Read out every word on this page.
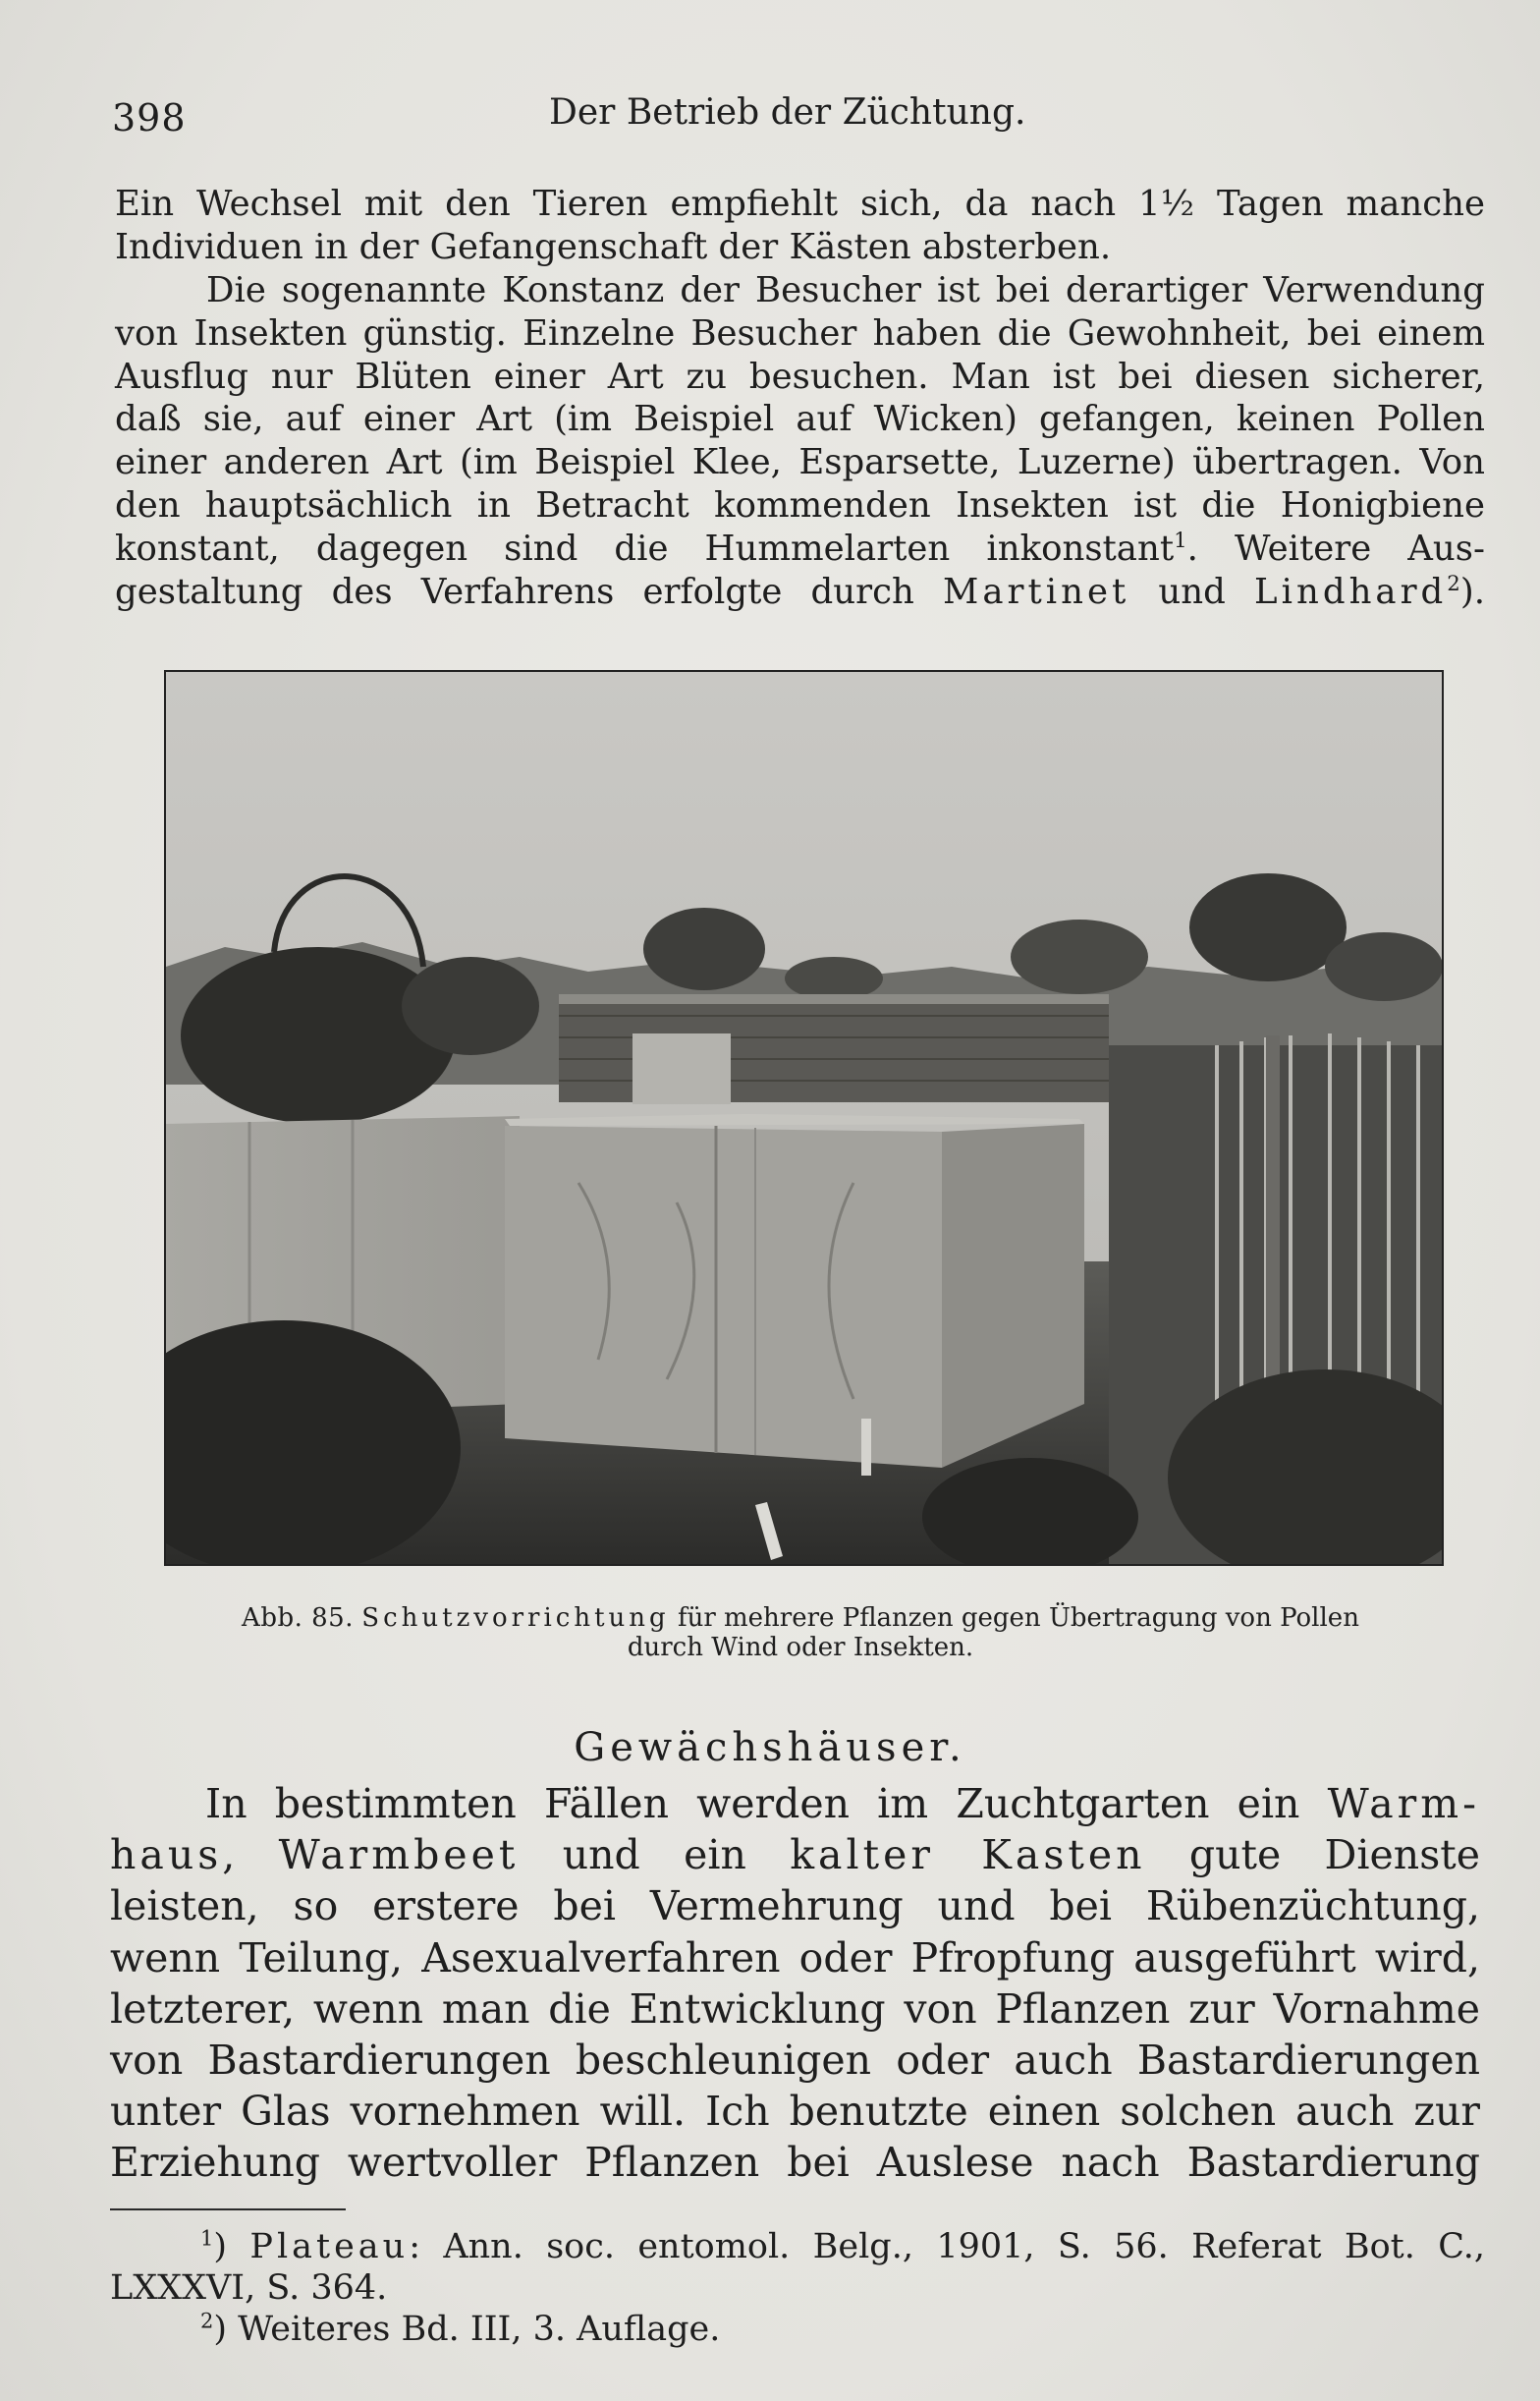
398	Der Betrieb der Züchtung.

Ein Wechsel mit den Tieren empfiehlt sich, da nach 1½ Tagen manche
Individuen in der Gefangenschaft der Kästen absterben.

Die sogenannte Konstanz der Besucher ist bei derartiger Verwendung
von Insekten günstig. Einzelne Besucher haben die Gewohnheit, bei einem
Ausflug nur Blüten einer Art zu besuchen. Man ist bei diesen sicherer,
daß sie, auf einer Art (im Beispiel auf Wicken) gefangen, keinen Pollen
einer anderen Art (im Beispiel Klee, Esparsette, Luzerne) übertragen. Von
den hauptsächlich in Betracht kommenden Insekten ist die Honigbiene
konstant, dagegen sind die Hummelarten inkonstant$^1$. Weitere Aus-
gestaltung des Verfahrens erfolgte durch Martinet und Lindhard$^2$).

Abb. 85. Schutzvorrichtung für mehrere Pflanzen gegen Übertragung von Pollen
durch Wind oder Insekten.
Gewächshäuser.

In bestimmten Fällen werden im Zuchtgarten ein Warm-
haus, Warmbeet und ein kalter Kasten gute Dienste
leisten, so erstere bei Vermehrung und bei Rübenzüchtung,
wenn Teilung, Asexualverfahren oder Pfropfung ausgeführt wird,
letzterer, wenn man die Entwicklung von Pflanzen zur Vornahme
von Bastardierungen beschleunigen oder auch Bastardierungen
unter Glas vornehmen will. Ich benutzte einen solchen auch zur
Erziehung wertvoller Pflanzen bei Auslese nach Bastardierung

$^1$) Plateau: Ann. soc. entomol. Belg., 1901, S. 56. Referat Bot. C.,
LXXXVI, S. 364.
$^2$) Weiteres Bd. III, 3. Auflage.
